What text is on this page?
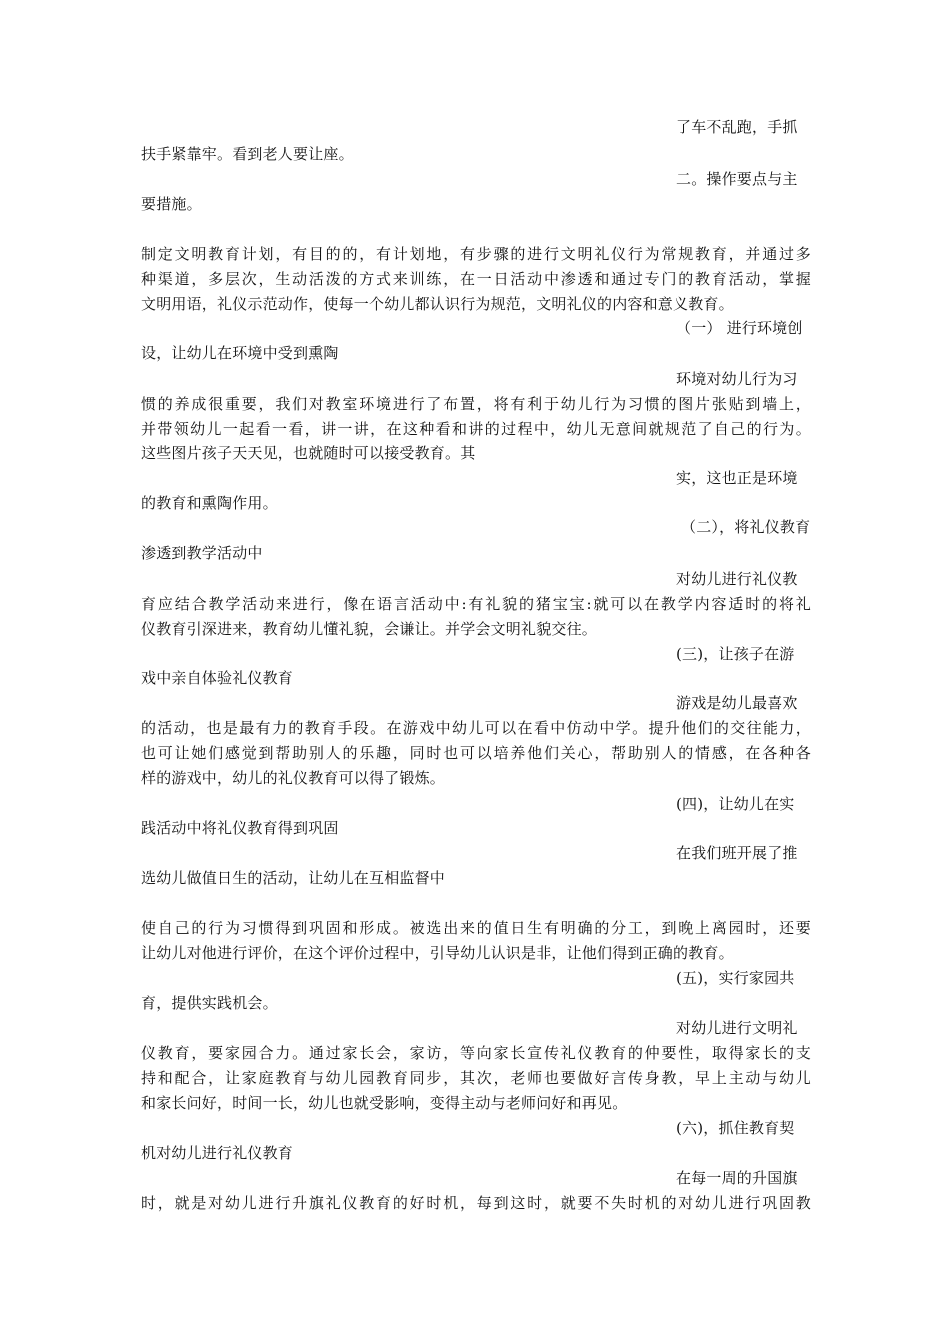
了车不乱跑，手抓
扶手紧靠牢。看到老人要让座。
二。操作要点与主
要措施。
制定文明教育计划，有目的的，有计划地，有步骤的进行文明礼仪行为常规教育，并通过多
种渠道，多层次，生动活泼的方式来训练，在一日活动中渗透和通过专门的教育活动，掌握
文明用语，礼仪示范动作，使每一个幼儿都认识行为规范，文明礼仪的内容和意义教育。
（一） 进行环境创
设，让幼儿在环境中受到熏陶
环境对幼儿行为习
惯的养成很重要，我们对教室环境进行了布置，将有利于幼儿行为习惯的图片张贴到墙上，
并带领幼儿一起看一看，讲一讲，在这种看和讲的过程中，幼儿无意间就规范了自己的行为。
这些图片孩子天天见，也就随时可以接受教育。其
实，这也正是环境
的教育和熏陶作用。
（二），将礼仪教育
渗透到教学活动中
对幼儿进行礼仪教
育应结合教学活动来进行，像在语言活动中:有礼貌的猪宝宝:就可以在教学内容适时的将礼
仪教育引深进来，教育幼儿懂礼貌，会谦让。并学会文明礼貌交往。
(三)，让孩子在游
戏中亲自体验礼仪教育
游戏是幼儿最喜欢
的活动，也是最有力的教育手段。在游戏中幼儿可以在看中仿动中学。提升他们的交往能力，
也可让她们感觉到帮助别人的乐趣，同时也可以培养他们关心，帮助别人的情感，在各种各
样的游戏中，幼儿的礼仪教育可以得了锻炼。
(四)，让幼儿在实
践活动中将礼仪教育得到巩固
在我们班开展了推
选幼儿做值日生的活动，让幼儿在互相监督中
使自己的行为习惯得到巩固和形成。被选出来的值日生有明确的分工，到晚上离园时，还要
让幼儿对他进行评价，在这个评价过程中，引导幼儿认识是非，让他们得到正确的教育。
(五)，实行家园共
育，提供实践机会。
对幼儿进行文明礼
仪教育，要家园合力。通过家长会，家访，等向家长宣传礼仪教育的仲要性，取得家长的支
持和配合，让家庭教育与幼儿园教育同步，其次，老师也要做好言传身教，早上主动与幼儿
和家长问好，时间一长，幼儿也就受影响，变得主动与老师问好和再见。
(六)，抓住教育契
机对幼儿进行礼仪教育
在每一周的升国旗
时，就是对幼儿进行升旗礼仪教育的好时机，每到这时，就要不失时机的对幼儿进行巩固教
